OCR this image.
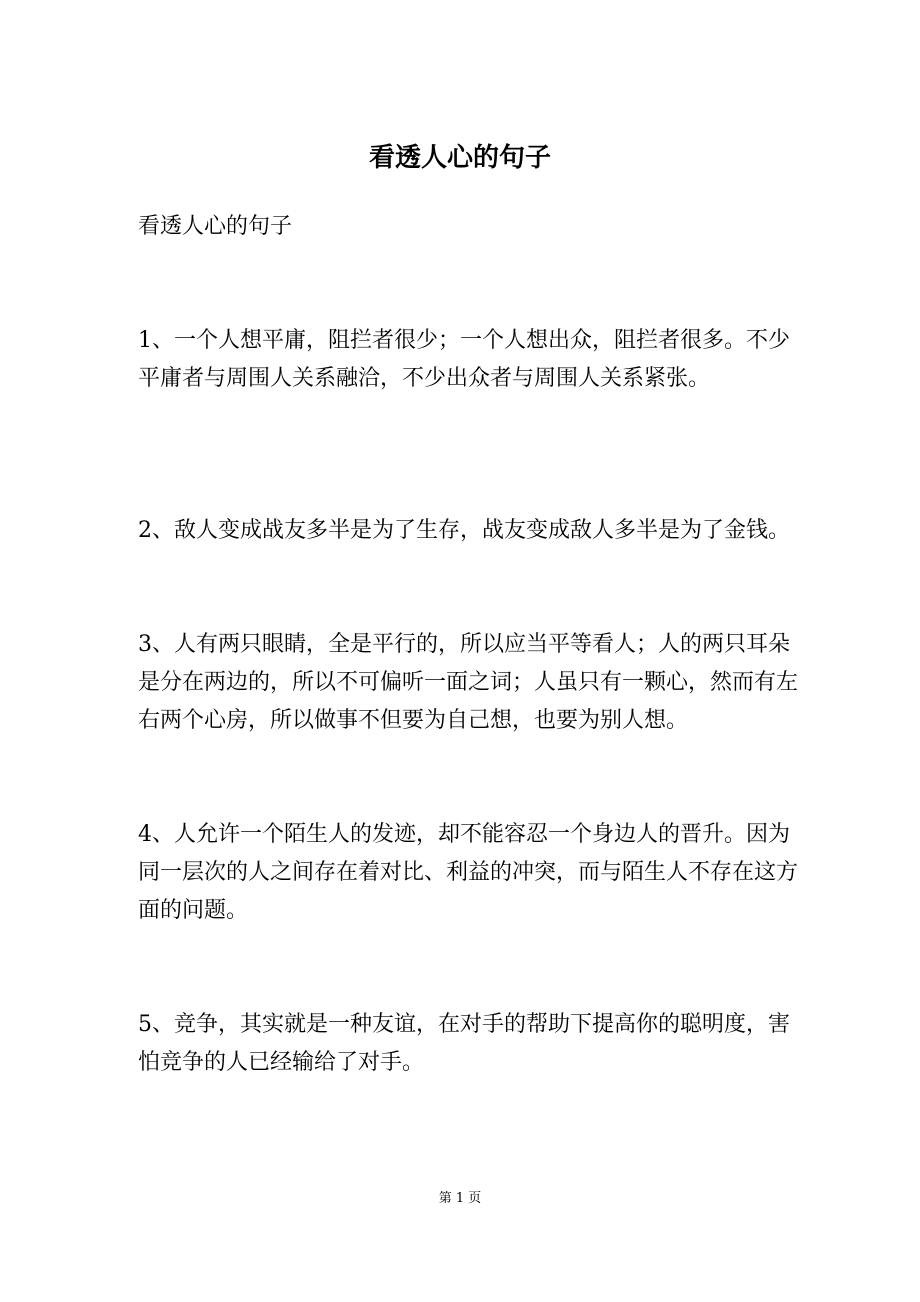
看透人心的句子

看透人心的句子

1、一个人想平庸，阻拦者很少；一个人想出众，阻拦者很多。不少平庸者与周围人关系融洽，不少出众者与周围人关系紧张。

2、敌人变成战友多半是为了生存，战友变成敌人多半是为了金钱。

3、人有两只眼睛，全是平行的，所以应当平等看人；人的两只耳朵是分在两边的，所以不可偏听一面之词；人虽只有一颗心，然而有左右两个心房，所以做事不但要为自己想，也要为别人想。

4、人允许一个陌生人的发迹，却不能容忍一个身边人的晋升。因为同一层次的人之间存在着对比、利益的冲突，而与陌生人不存在这方面的问题。

5、竞争，其实就是一种友谊，在对手的帮助下提高你的聪明度，害怕竞争的人已经输给了对手。

第 1 页
